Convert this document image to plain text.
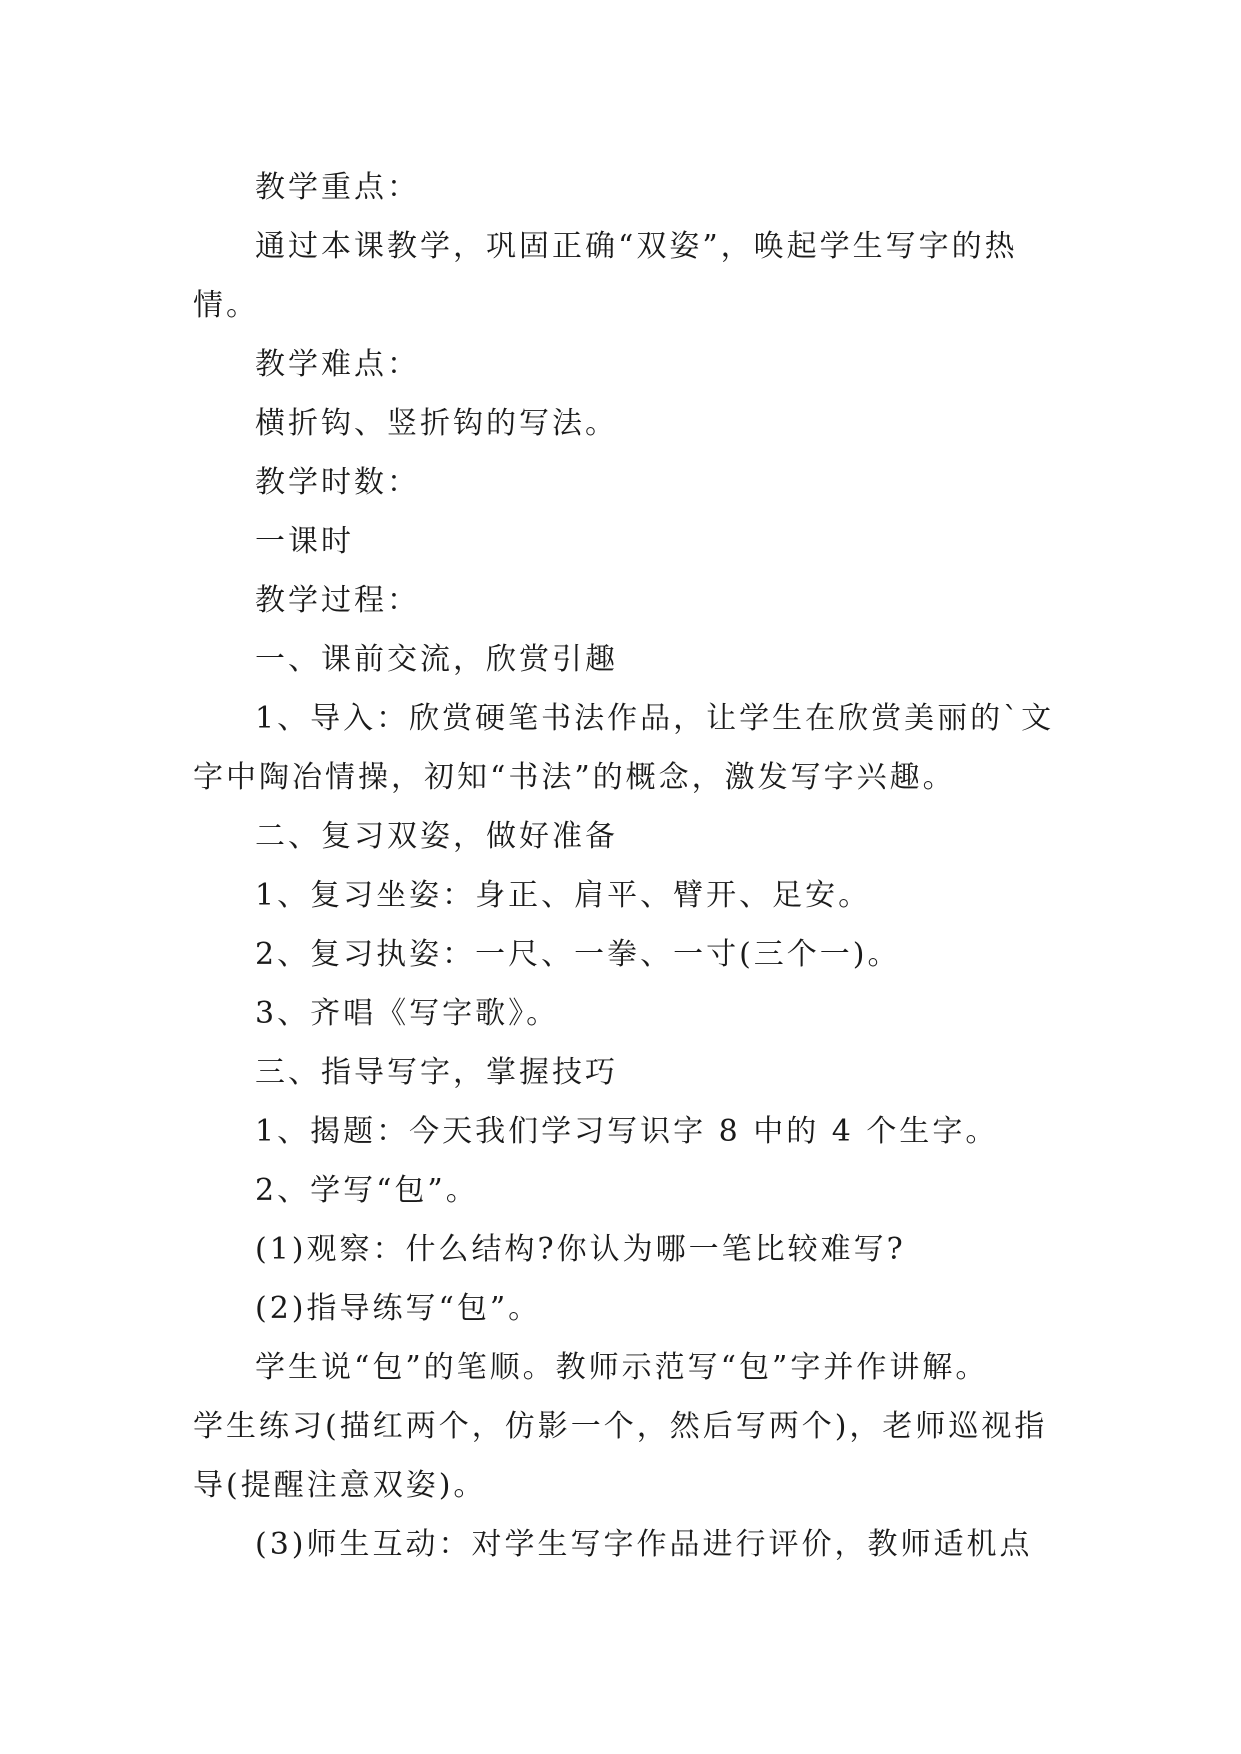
教学重点：

通过本课教学，巩固正确“双姿”，唤起学生写字的热
情。

教学难点：

横折钩、竖折钩的写法。

教学时数：

一课时

教学过程：

一、课前交流，欣赏引趣

1、导入：欣赏硬笔书法作品，让学生在欣赏美丽的`文
字中陶冶情操，初知“书法”的概念，激发写字兴趣。

二、复习双姿，做好准备

1、复习坐姿：身正、肩平、臂开、足安。

2、复习执姿：一尺、一拳、一寸(三个一)。

3、齐唱《写字歌》。

三、指导写字，掌握技巧

1、揭题：今天我们学习写识字 8 中的 4 个生字。

2、学写“包”。

(1)观察：什么结构?你认为哪一笔比较难写?

(2)指导练写“包”。

学生说“包”的笔顺。教师示范写“包”字并作讲解。
学生练习(描红两个，仿影一个，然后写两个)，老师巡视指
导(提醒注意双姿)。

(3)师生互动：对学生写字作品进行评价，教师适机点
